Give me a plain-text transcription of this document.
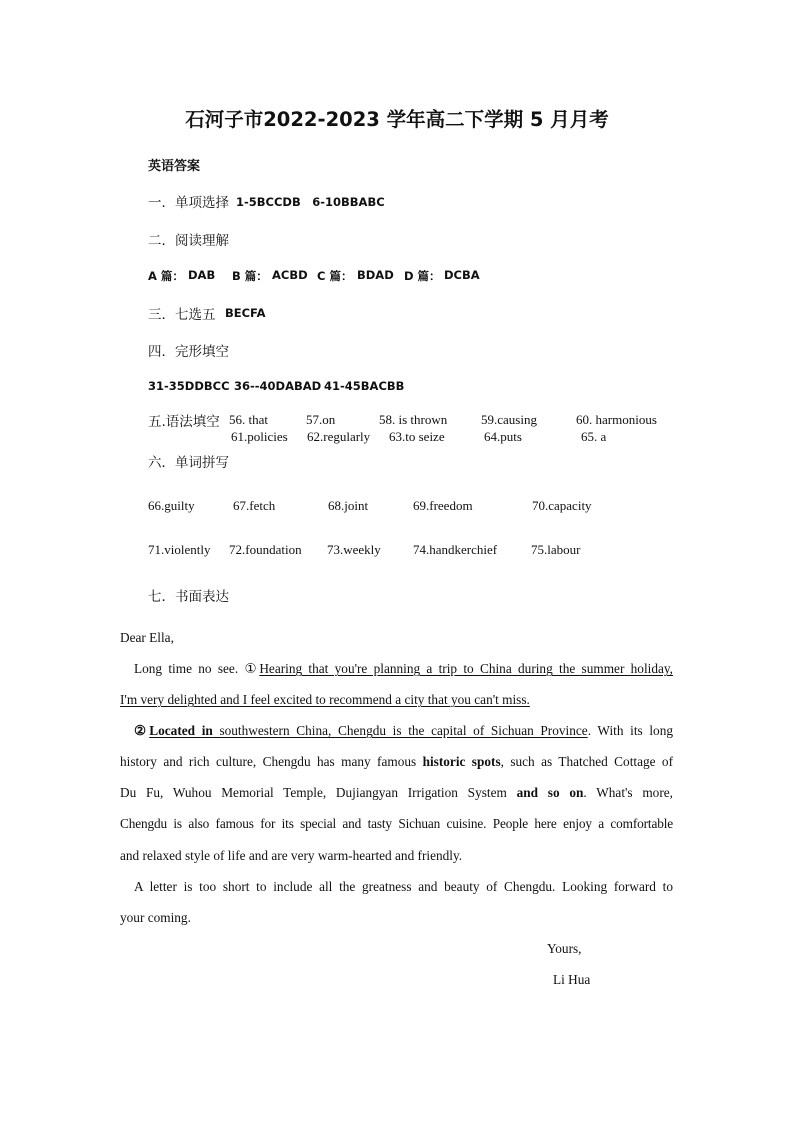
石河子市2022-2023 学年高二下学期 5 月月考
英语答案
一．单项选择 1-5BCCDB　6-10BBABC
二．阅读理解
A 篇： DAB B 篇： ACBD C 篇： BDAD D 篇： DCBA
三．七选五 BECFA
四．完形填空
31-35DDBCC 36--40DABAD 41-45BACBB
五.语法填空 56. that	57.on	58. is thrown	59.causing	60. harmonious
61.policies 62.regularly 63.to seize	64.puts	65. a
六．单词拼写
66.guilty	67.fetch	68.joint	69.freedom	70.capacity
71.violently 72.foundation 73.weekly 74.handkerchief	75.labour
七．书面表达
Dear Ella,
Long time no see. ①Hearing that you're planning a trip to China during the summer holiday,
I'm very delighted and I feel excited to recommend a city that you can't miss.
②Located in southwestern China, Chengdu is the capital of Sichuan Province. With its long
history and rich culture, Chengdu has many famous historic spots, such as Thatched Cottage of
Du Fu, Wuhou Memorial Temple, Dujiangyan Irrigation System and so on. What's more,
Chengdu is also famous for its special and tasty Sichuan cuisine. People here enjoy a comfortable
and relaxed style of life and are very warm-hearted and friendly.
A letter is too short to include all the greatness and beauty of Chengdu. Looking forward to
your coming.
Yours,
Li Hua
